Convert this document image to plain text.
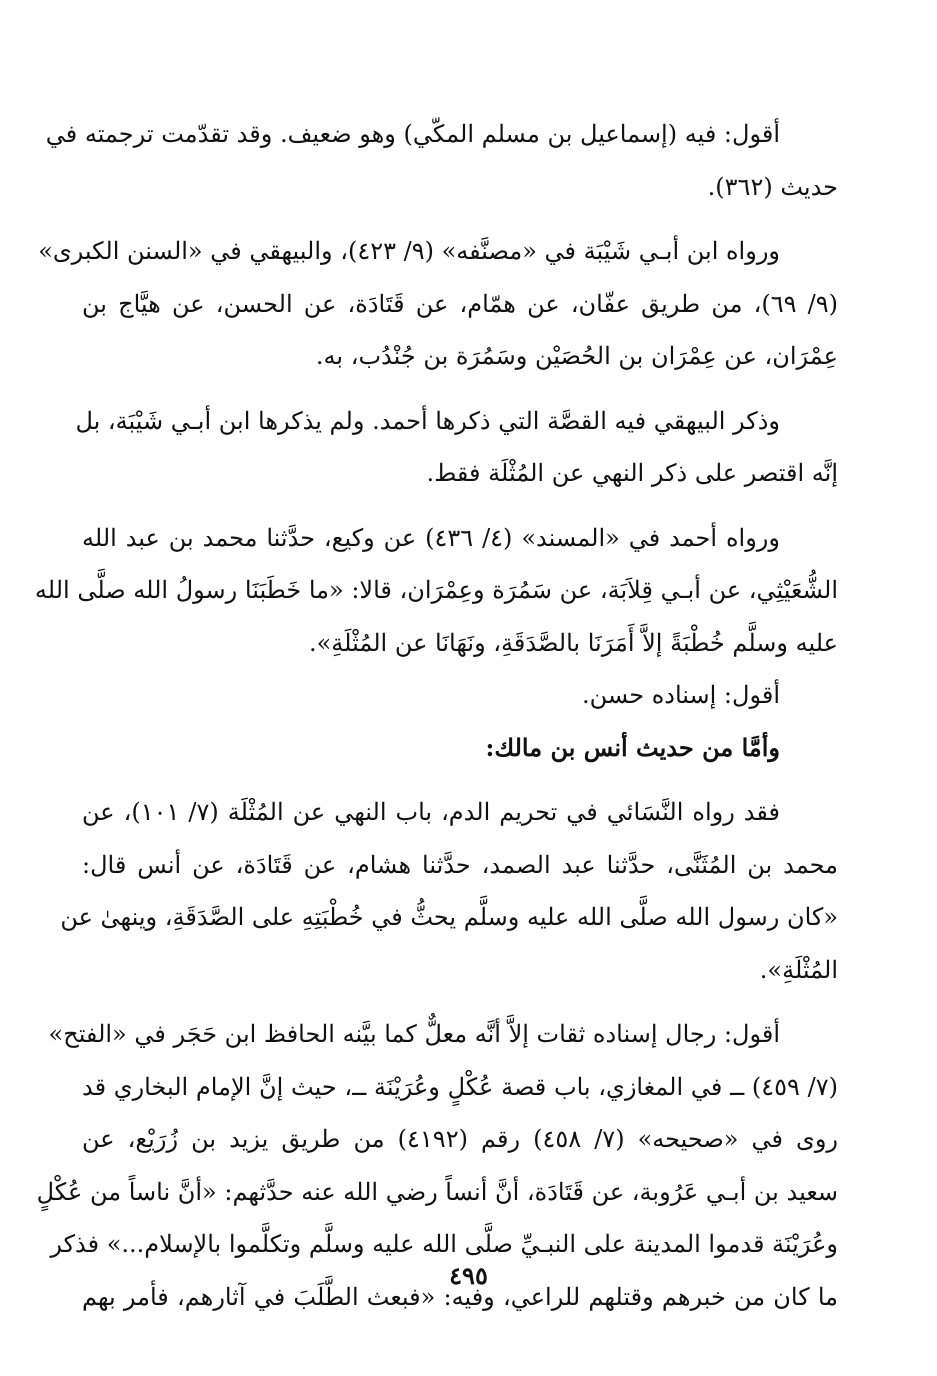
أقول: فيه (إسماعيل بن مسلم المكّي) وهو ضعيف. وقد تقدّمت ترجمته في
حديث (٣٦٢).
ورواه ابن أبـي شَيْبَة في «مصنَّفه» (٩/ ٤٢٣)، والبيهقي في «السنن الكبرى»
(٩/ ٦٩)، من طريق عفّان، عن همّام، عن قَتَادَة، عن الحسن، عن هيَّاج بن
عِمْرَان، عن عِمْرَان بن الحُصَيْن وسَمُرَة بن جُنْدُب، به.
وذكر البيهقي فيه القصَّة التي ذكرها أحمد. ولم يذكرها ابن أبـي شَيْبَة، بل
إنَّه اقتصر على ذكر النهي عن المُثْلَة فقط.
ورواه أحمد في «المسند» (٤/ ٤٣٦) عن وكيع، حدَّثنا محمد بن عبد الله
الشُّعَيْثِي، عن أبـي قِلاَبَة، عن سَمُرَة وعِمْرَان، قالا: «ما خَطَبَنَا رسولُ الله صلَّى الله
عليه وسلَّم خُطْبَةً إلاَّ أَمَرَنَا بالصَّدَقَةِ، ونَهَانَا عن المُثْلَةِ».
أقول: إسناده حسن.
وأمَّا من حديث أنس بن مالك:
فقد رواه النَّسَائي في تحريم الدم، باب النهي عن المُثْلَة (٧/ ١٠١)، عن
محمد بن المُثَنَّى، حدَّثنا عبد الصمد، حدَّثنا هشام، عن قَتَادَة، عن أنس قال:
«كان رسول الله صلَّى الله عليه وسلَّم يحثُّ في خُطْبَتِهِ على الصَّدَقَةِ، وينهىٰ عن
المُثْلَةِ».
أقول: رجال إسناده ثقات إلاَّ أنَّه معلٌّ كما بيَّنه الحافظ ابن حَجَر في «الفتح»
(٧/ ٤٥٩) ــ في المغازي، باب قصة عُكْلٍ وعُرَيْنَة ــ، حيث إنَّ الإمام البخاري قد
روى في «صحيحه» (٧/ ٤٥٨) رقم (٤١٩٢) من طريق يزيد بن زُرَيْع، عن
سعيد بن أبـي عَرُوبة، عن قَتَادَة، أنَّ أنساً رضي الله عنه حدَّثهم: «أنَّ ناساً من عُكْلٍ
وعُرَيْنَة قدموا المدينة على النبـيِّ صلَّى الله عليه وسلَّم وتكلَّموا بالإسلام...» فذكر
ما كان من خبرهم وقتلهم للراعي، وفيه: «فبعث الطَّلَبَ في آثارهم، فأمر بهم
٤٩٥
